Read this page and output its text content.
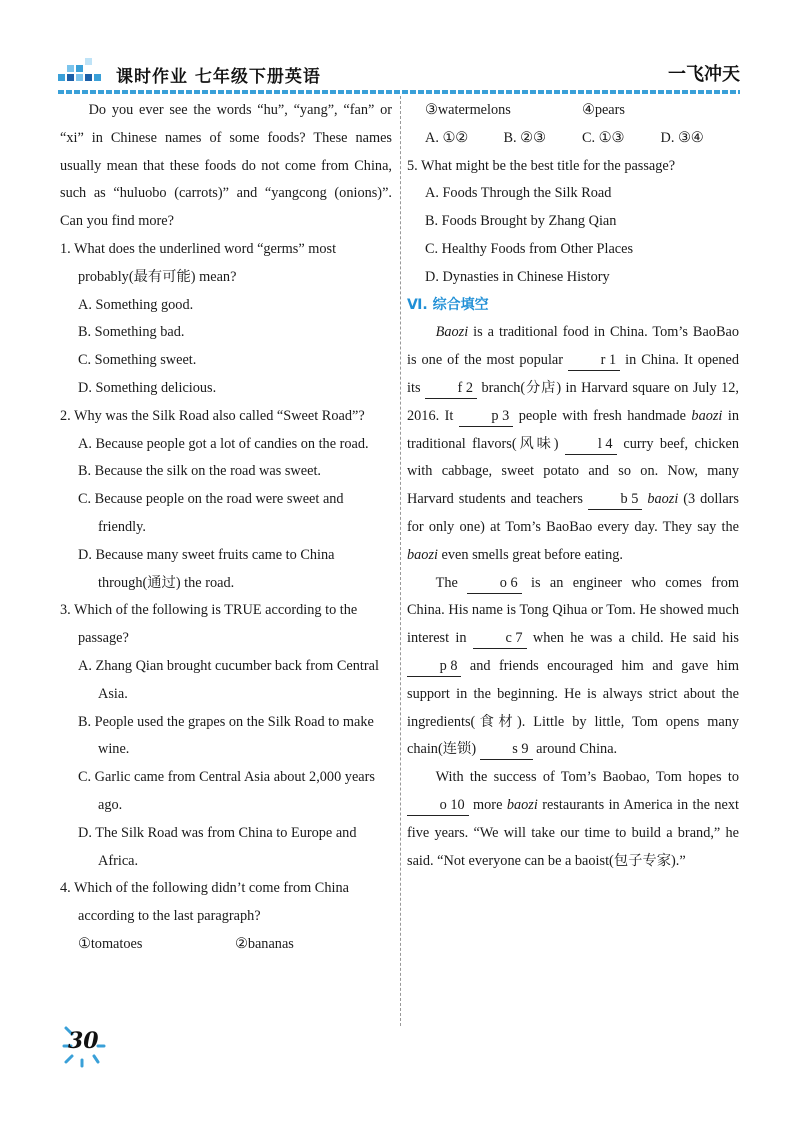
课时作业 七年级下册英语	一飞冲天

Do you ever see the words “hu”, “yang”, “fan” or “xi” in Chinese names of some foods? These names usually mean that these foods do not come from China, such as “huluobo (carrots)” and “yangcong (onions)”. Can you find more?

1. What does the underlined word “germs” most probably(最有可能) mean?

A. Something good.

B. Something bad.

C. Something sweet.

D. Something delicious.

2. Why was the Silk Road also called “Sweet Road”?

A. Because people got a lot of candies on the road.

B. Because the silk on the road was sweet.

C. Because people on the road were sweet and friendly.

D. Because many sweet fruits came to China through(通过) the road.

3. Which of the following is TRUE according to the passage?

A. Zhang Qian brought cucumber back from Central Asia.

B. People used the grapes on the Silk Road to make wine.

C. Garlic came from Central Asia about 2,000 years ago.

D. The Silk Road was from China to Europe and Africa.

4. Which of the following didn’t come from China according to the last paragraph?

①tomatoes	②bananas
③watermelons	④pears
A. ①②	B. ②③	C. ①③	D. ③④

5. What might be the best title for the passage?

A. Foods Through the Silk Road

B. Foods Brought by Zhang Qian

C. Healthy Foods from Other Places

D. Dynasties in Chinese History

Ⅵ. 综合填空

Baozi is a traditional food in China. Tom’s BaoBao is one of the most popular r 1 in China. It opened its f 2 branch(分店) in Harvard square on July 12, 2016. It p 3 people with fresh handmade baozi in traditional flavors(风味) l 4 curry beef, chicken with cabbage, sweet potato and so on. Now, many Harvard students and teachers b 5 baozi (3 dollars for only one) at Tom’s BaoBao every day. They say the baozi even smells great before eating.

The o 6 is an engineer who comes from China. His name is Tong Qihua or Tom. He showed much interest in c 7 when he was a child. He said his p 8 and friends encouraged him and gave him support in the beginning. He is always strict about the ingredients(食材). Little by little, Tom opens many chain(连锁) s 9 around China.

With the success of Tom’s Baobao, Tom hopes to o 10 more baozi restaurants in America in the next five years. “We will take our time to build a brand,” he said. “Not everyone can be a baoist(包子专家).”

30
